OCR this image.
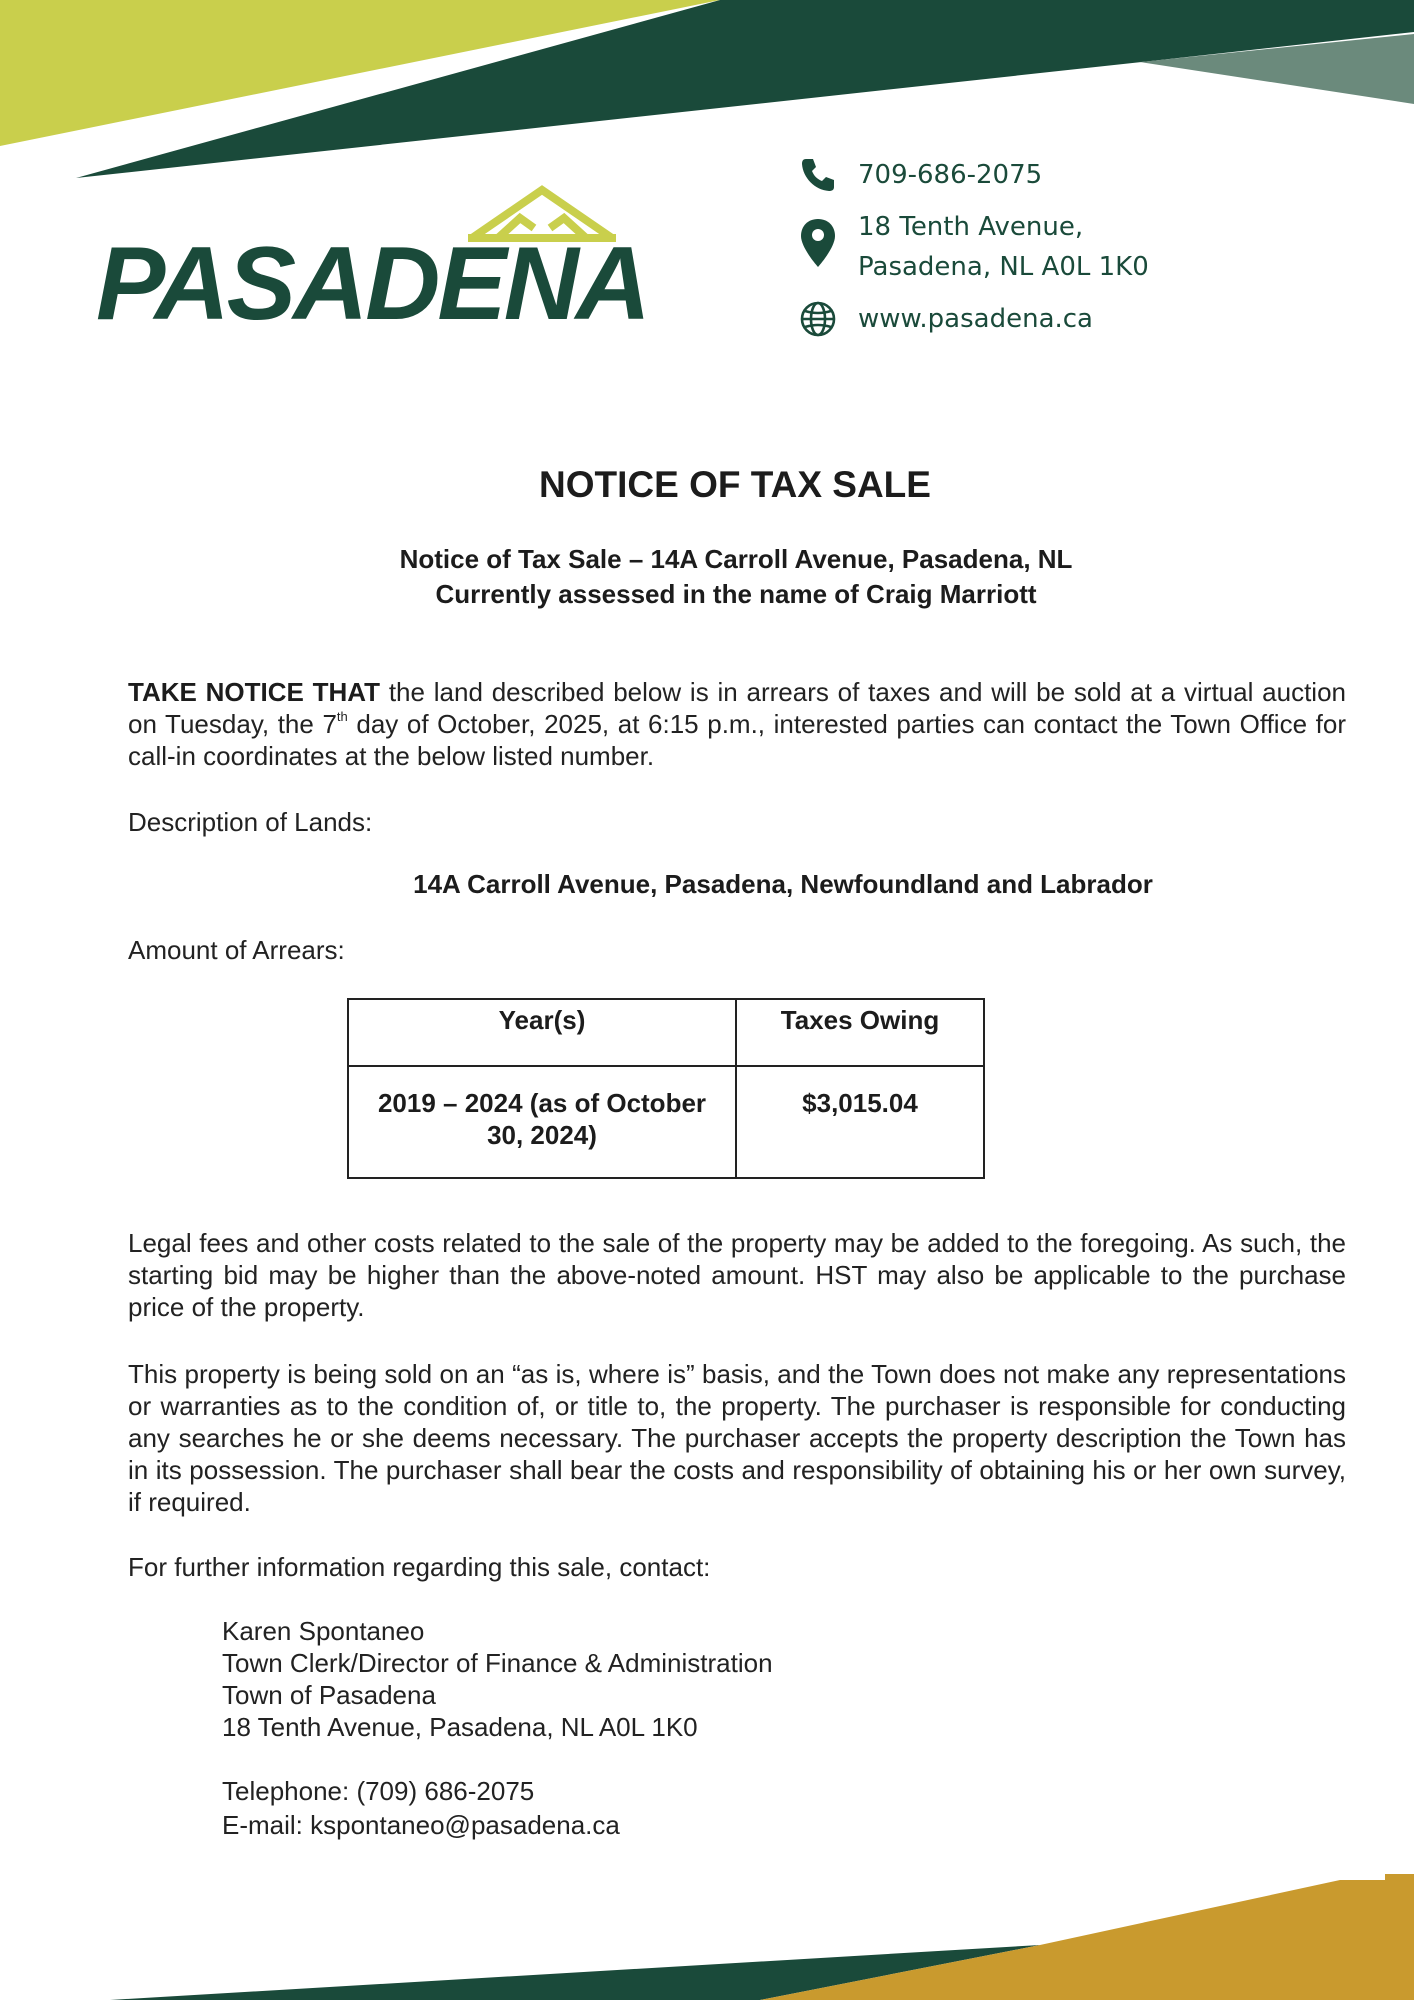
PASADENA
709-686-2075
18 Tenth Avenue,
Pasadena, NL A0L 1K0
www.pasadena.ca
NOTICE OF TAX SALE
Notice of Tax Sale – 14A Carroll Avenue, Pasadena, NL
Currently assessed in the name of Craig Marriott
TAKE NOTICE THAT the land described below is in arrears of taxes and will be sold at a virtual auction on Tuesday, the 7th day of October, 2025, at 6:15 p.m., interested parties can contact the Town Office for call-in coordinates at the below listed number.
Description of Lands:
14A Carroll Avenue, Pasadena, Newfoundland and Labrador
Amount of Arrears:
Year(s)	Taxes Owing
2019 – 2024 (as of October 30, 2024)	$3,015.04
Legal fees and other costs related to the sale of the property may be added to the foregoing. As such, the starting bid may be higher than the above-noted amount. HST may also be applicable to the purchase price of the property.
This property is being sold on an “as is, where is” basis, and the Town does not make any representations or warranties as to the condition of, or title to, the property. The purchaser is responsible for conducting any searches he or she deems necessary. The purchaser accepts the property description the Town has in its possession. The purchaser shall bear the costs and responsibility of obtaining his or her own survey, if required.
For further information regarding this sale, contact:
Karen Spontaneo
Town Clerk/Director of Finance & Administration
Town of Pasadena
18 Tenth Avenue, Pasadena, NL A0L 1K0
Telephone: (709) 686-2075
E-mail: kspontaneo@pasadena.ca
